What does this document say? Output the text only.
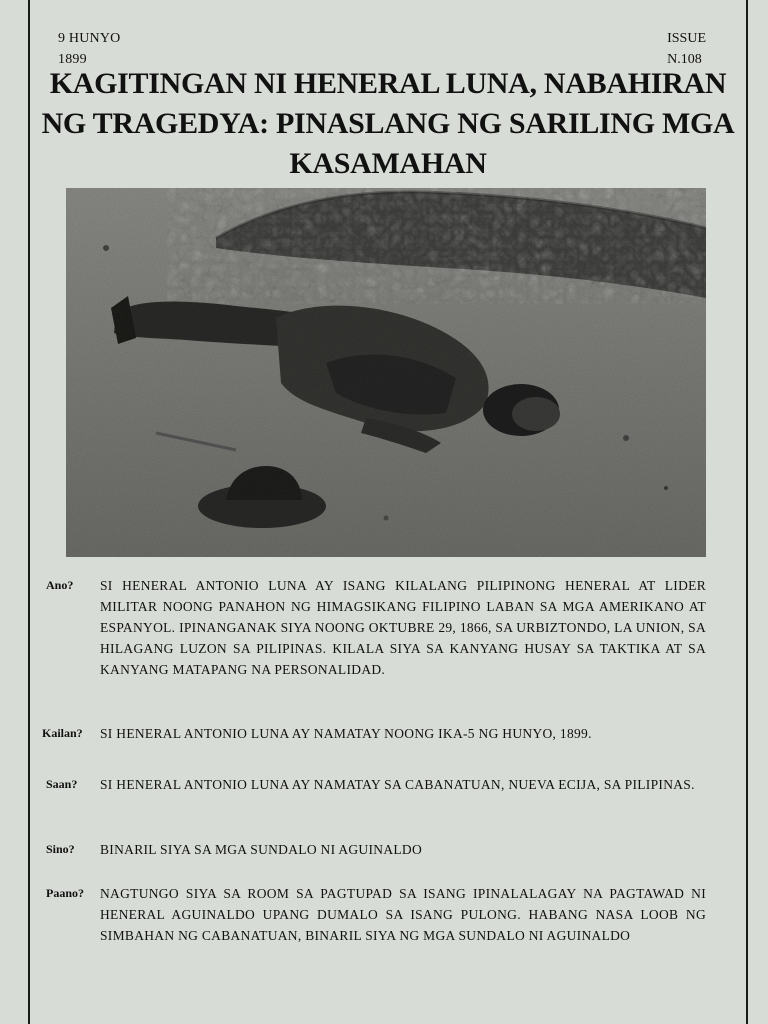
9 HUNYO
1899
ISSUE
N.108
KAGITINGAN NI HENERAL LUNA, NABAHIRAN NG TRAGEDYA: PINASLANG NG SARILING MGA KASAMAHAN
Ano?	SI HENERAL ANTONIO LUNA AY ISANG KILALANG PILIPINONG HENERAL AT LIDER MILITAR NOONG PANAHON NG HIMAGSIKANG FILIPINO LABAN SA MGA AMERIKANO AT ESPANYOL. IPINANGANAK SIYA NOONG OKTUBRE 29, 1866, SA URBIZTONDO, LA UNION, SA HILAGANG LUZON SA PILIPINAS. KILALA SIYA SA KANYANG HUSAY SA TAKTIKA AT SA KANYANG MATAPANG NA PERSONALIDAD.
Kailan?	SI HENERAL ANTONIO LUNA AY NAMATAY NOONG IKA-5 NG HUNYO, 1899.
Saan?	SI HENERAL ANTONIO LUNA AY NAMATAY SA CABANATUAN, NUEVA ECIJA, SA PILIPINAS.
Sino?	BINARIL SIYA SA MGA SUNDALO NI AGUINALDO
Paano?	NAGTUNGO SIYA SA ROOM SA PAGTUPAD SA ISANG IPINALALAGAY NA PAGTAWAD NI HENERAL AGUINALDO UPANG DUMALO SA ISANG PULONG. HABANG NASA LOOB NG SIMBAHAN NG CABANATUAN, BINARIL SIYA NG MGA SUNDALO NI AGUINALDO
